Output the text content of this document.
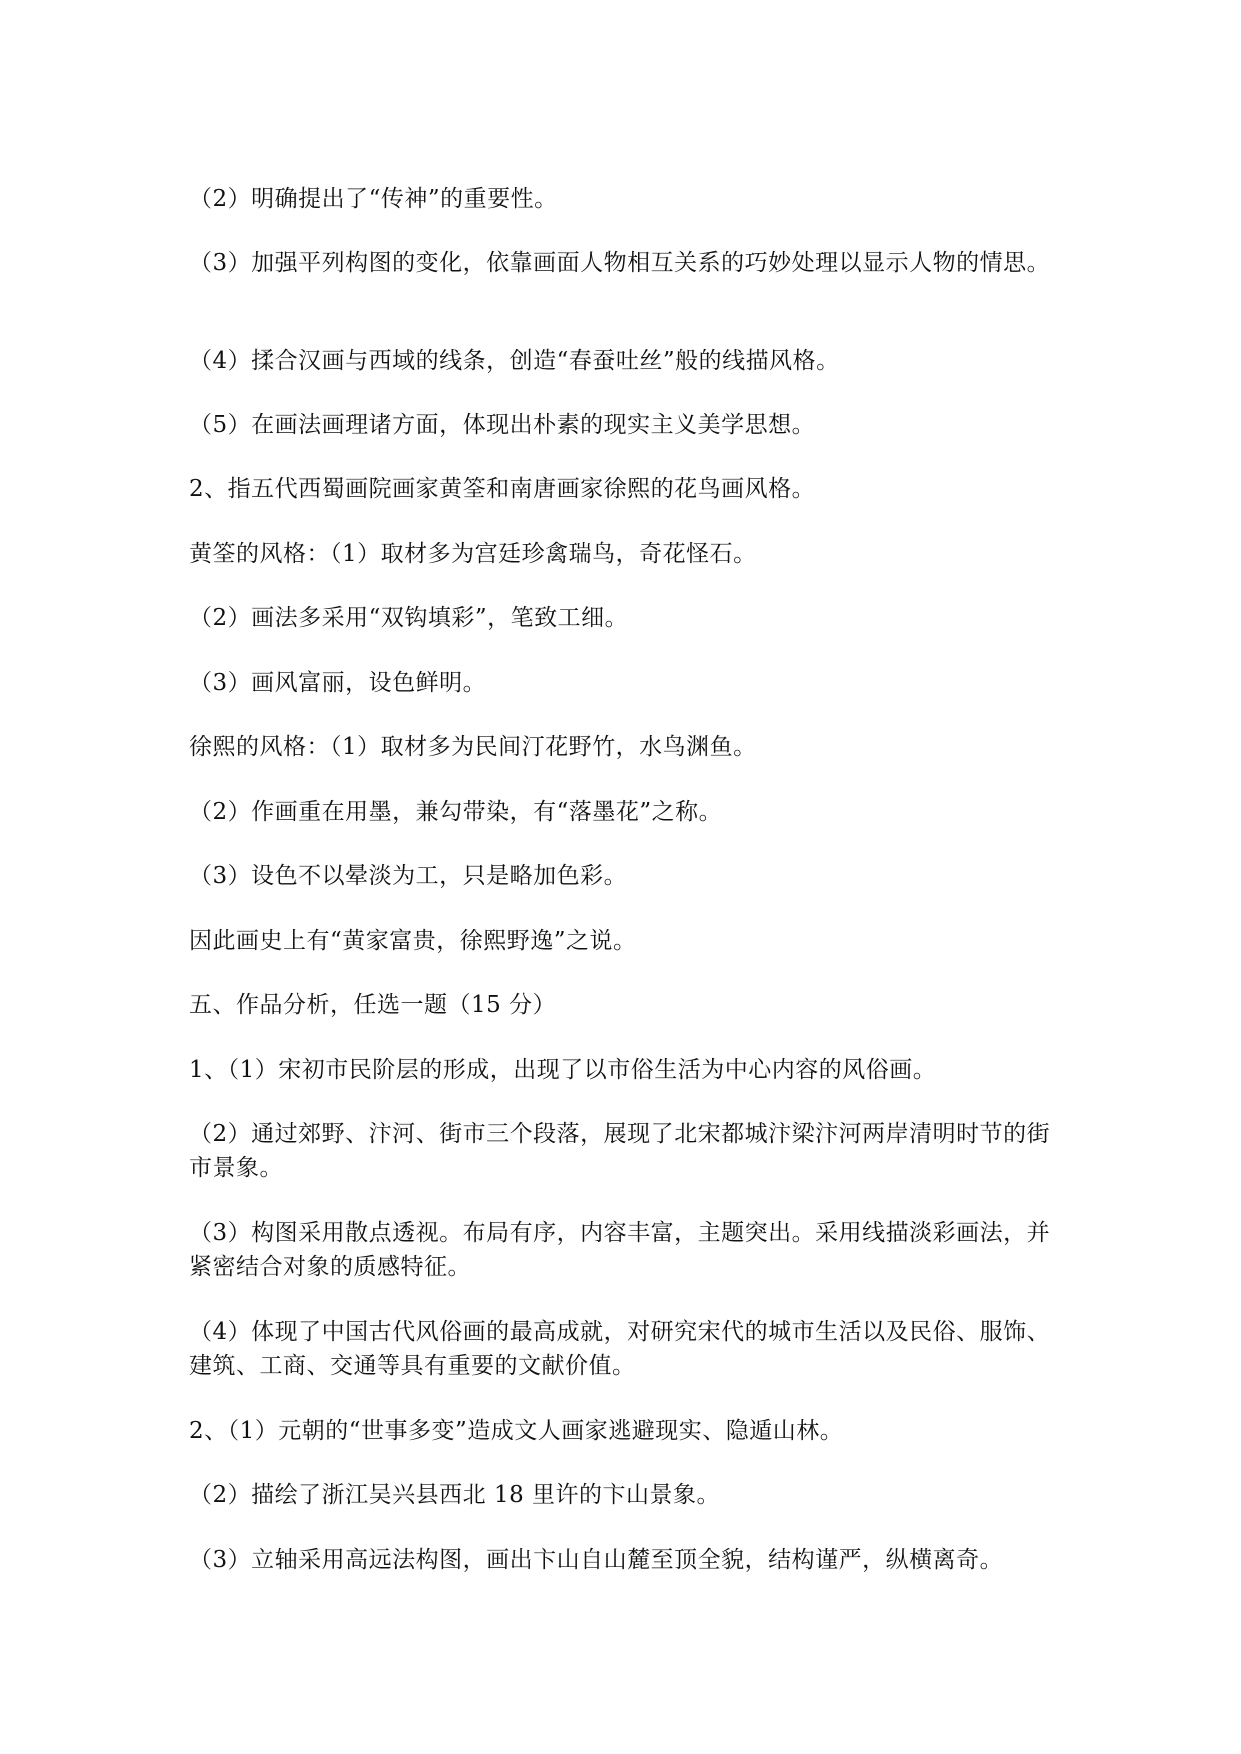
（2）明确提出了“传神”的重要性。

（3）加强平列构图的变化，依靠画面人物相互关系的巧妙处理以显示人物的情思。

（4）揉合汉画与西域的线条，创造“春蚕吐丝”般的线描风格。

（5）在画法画理诸方面，体现出朴素的现实主义美学思想。

2、指五代西蜀画院画家黄筌和南唐画家徐熙的花鸟画风格。

黄筌的风格：（1）取材多为宫廷珍禽瑞鸟，奇花怪石。

（2）画法多采用“双钩填彩”，笔致工细。

（3）画风富丽，设色鲜明。

徐熙的风格：（1）取材多为民间汀花野竹，水鸟渊鱼。

（2）作画重在用墨，兼勾带染，有“落墨花”之称。

（3）设色不以晕淡为工，只是略加色彩。

因此画史上有“黄家富贵，徐熙野逸”之说。

五、作品分析，任选一题（15 分）

1、（1）宋初市民阶层的形成，出现了以市俗生活为中心内容的风俗画。

（2）通过郊野、汴河、街市三个段落，展现了北宋都城汴梁汴河两岸清明时节的街市景象。

（3）构图采用散点透视。布局有序，内容丰富，主题突出。采用线描淡彩画法，并紧密结合对象的质感特征。

（4）体现了中国古代风俗画的最高成就，对研究宋代的城市生活以及民俗、服饰、建筑、工商、交通等具有重要的文献价值。

2、（1）元朝的“世事多变”造成文人画家逃避现实、隐遁山林。

（2）描绘了浙江吴兴县西北 18 里许的卞山景象。

（3）立轴采用高远法构图，画出卞山自山麓至顶全貌，结构谨严，纵横离奇。
